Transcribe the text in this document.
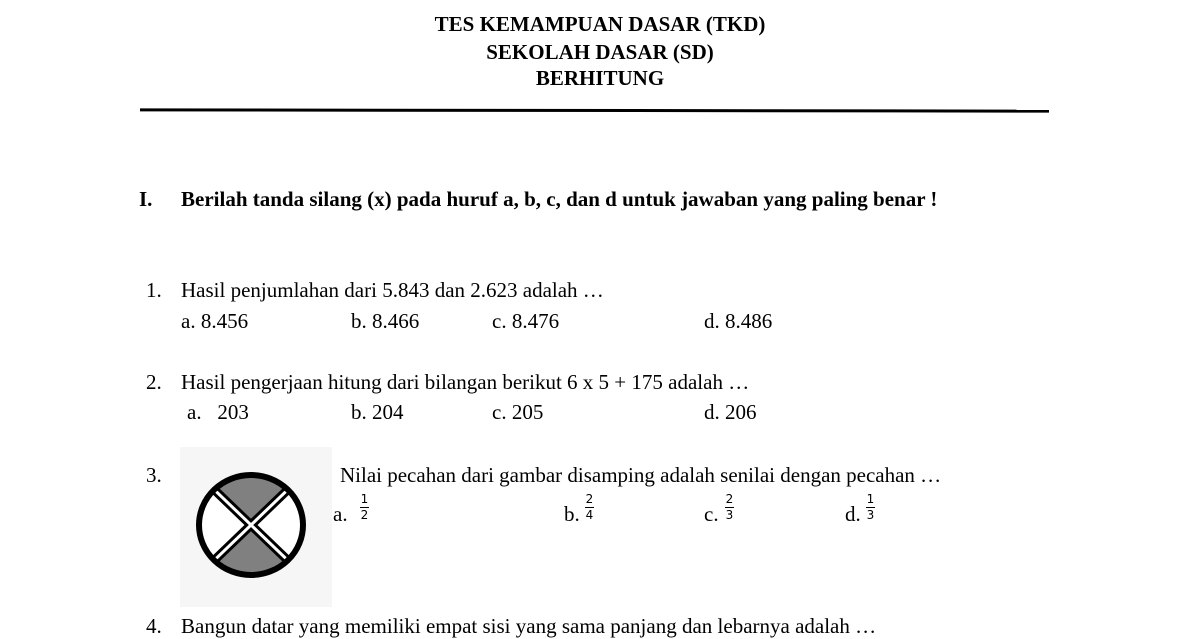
TES KEMAMPUAN DASAR (TKD)
SEKOLAH DASAR (SD)
BERHITUNG
I. Berilah tanda silang (x) pada huruf a, b, c, dan d untuk jawaban yang paling benar !
1. Hasil penjumlahan dari 5.843 dan 2.623 adalah …
a. 8.456	b. 8.466	c. 8.476	d. 8.486
2. Hasil pengerjaan hitung dari bilangan berikut 6 x 5 + 175 adalah …
a.   203	b. 204	c. 205	d. 206
3.	Nilai pecahan dari gambar disamping adalah senilai dengan pecahan …
a.
1
2	b.
2
4	c.
2
3	d.
1
3
4. Bangun datar yang memiliki empat sisi yang sama panjang dan lebarnya adalah …
